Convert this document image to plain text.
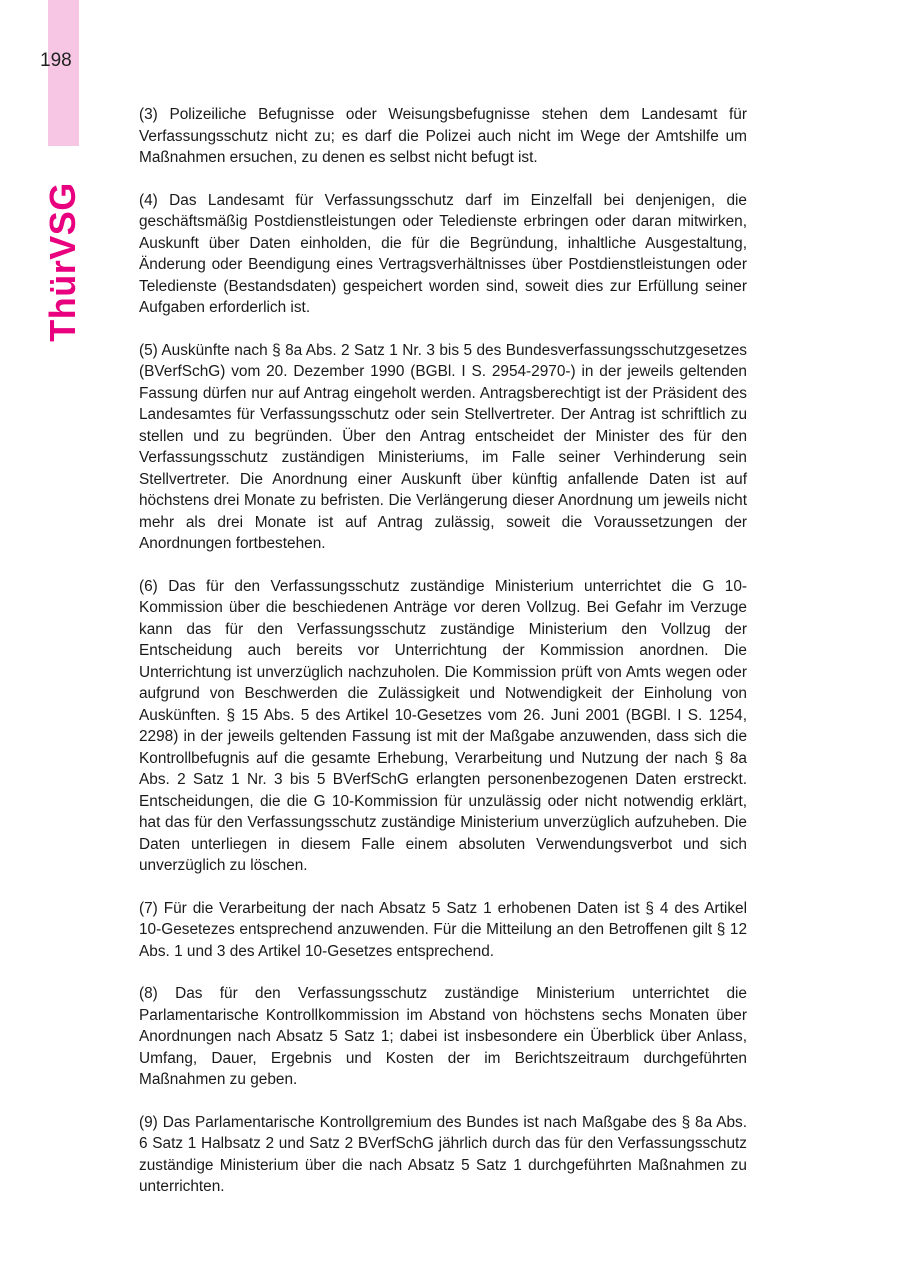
198
ThürVSG

(3) Polizeiliche Befugnisse oder Weisungsbefugnisse stehen dem Landesamt für Verfassungsschutz nicht zu; es darf die Polizei auch nicht im Wege der Amtshilfe um Maßnahmen ersuchen, zu denen es selbst nicht befugt ist.

(4) Das Landesamt für Verfassungsschutz darf im Einzelfall bei denjenigen, die geschäftsmäßig Postdienstleistungen oder Teledienste erbringen oder daran mitwirken, Auskunft über Daten einholden, die für die Begründung, inhaltliche Ausgestaltung, Änderung oder Beendigung eines Vertragsverhältnisses über Postdienstleistungen oder Teledienste (Bestandsdaten) gespeichert worden sind, soweit dies zur Erfüllung seiner Aufgaben erforderlich ist.

(5) Auskünfte nach § 8a Abs. 2 Satz 1 Nr. 3 bis 5 des Bundesverfassungsschutzgesetzes (BVerfSchG) vom 20. Dezember 1990 (BGBl. I S. 2954-2970-) in der jeweils geltenden Fassung dürfen nur auf Antrag eingeholt werden. Antragsberechtigt ist der Präsident des Landesamtes für Verfassungsschutz oder sein Stellvertreter. Der Antrag ist schriftlich zu stellen und zu begründen. Über den Antrag entscheidet der Minister des für den Verfassungsschutz zuständigen Ministeriums, im Falle seiner Verhinderung sein Stellvertreter. Die Anordnung einer Auskunft über künftig anfallende Daten ist auf höchstens drei Monate zu befristen. Die Verlängerung dieser Anordnung um jeweils nicht mehr als drei Monate ist auf Antrag zulässig, soweit die Voraussetzungen der Anordnungen fortbestehen.

(6) Das für den Verfassungsschutz zuständige Ministerium unterrichtet die G 10-Kommission über die beschiedenen Anträge vor deren Vollzug. Bei Gefahr im Verzuge kann das für den Verfassungsschutz zuständige Ministerium den Vollzug der Entscheidung auch bereits vor Unterrichtung der Kommission anordnen. Die Unterrichtung ist unverzüglich nachzuholen. Die Kommission prüft von Amts wegen oder aufgrund von Beschwerden die Zulässigkeit und Notwendigkeit der Einholung von Auskünften. § 15 Abs. 5 des Artikel 10-Gesetzes vom 26. Juni 2001 (BGBl. I S. 1254, 2298) in der jeweils geltenden Fassung ist mit der Maßgabe anzuwenden, dass sich die Kontrollbefugnis auf die gesamte Erhebung, Verarbeitung und Nutzung der nach § 8a Abs. 2 Satz 1 Nr. 3 bis 5 BVerfSchG erlangten personenbezogenen Daten erstreckt. Entscheidungen, die die G 10-Kommission für unzulässig oder nicht notwendig erklärt, hat das für den Verfassungsschutz zuständige Ministerium unverzüglich aufzuheben. Die Daten unterliegen in diesem Falle einem absoluten Verwendungsverbot und sich unverzüglich zu löschen.

(7) Für die Verarbeitung der nach Absatz 5 Satz 1 erhobenen Daten ist § 4 des Artikel 10-Gesetezes entsprechend anzuwenden. Für die Mitteilung an den Betroffenen gilt § 12 Abs. 1 und 3 des Artikel 10-Gesetzes entsprechend.

(8) Das für den Verfassungsschutz zuständige Ministerium unterrichtet die Parlamentarische Kontrollkommission im Abstand von höchstens sechs Monaten über Anordnungen nach Absatz 5 Satz 1; dabei ist insbesondere ein Überblick über Anlass, Umfang, Dauer, Ergebnis und Kosten der im Berichtszeitraum durchgeführten Maßnahmen zu geben.

(9) Das Parlamentarische Kontrollgremium des Bundes ist nach Maßgabe des § 8a Abs. 6 Satz 1 Halbsatz 2 und Satz 2 BVerfSchG jährlich durch das für den Verfassungsschutz zuständige Ministerium über die nach Absatz 5 Satz 1 durchgeführten Maßnahmen zu unterrichten.
